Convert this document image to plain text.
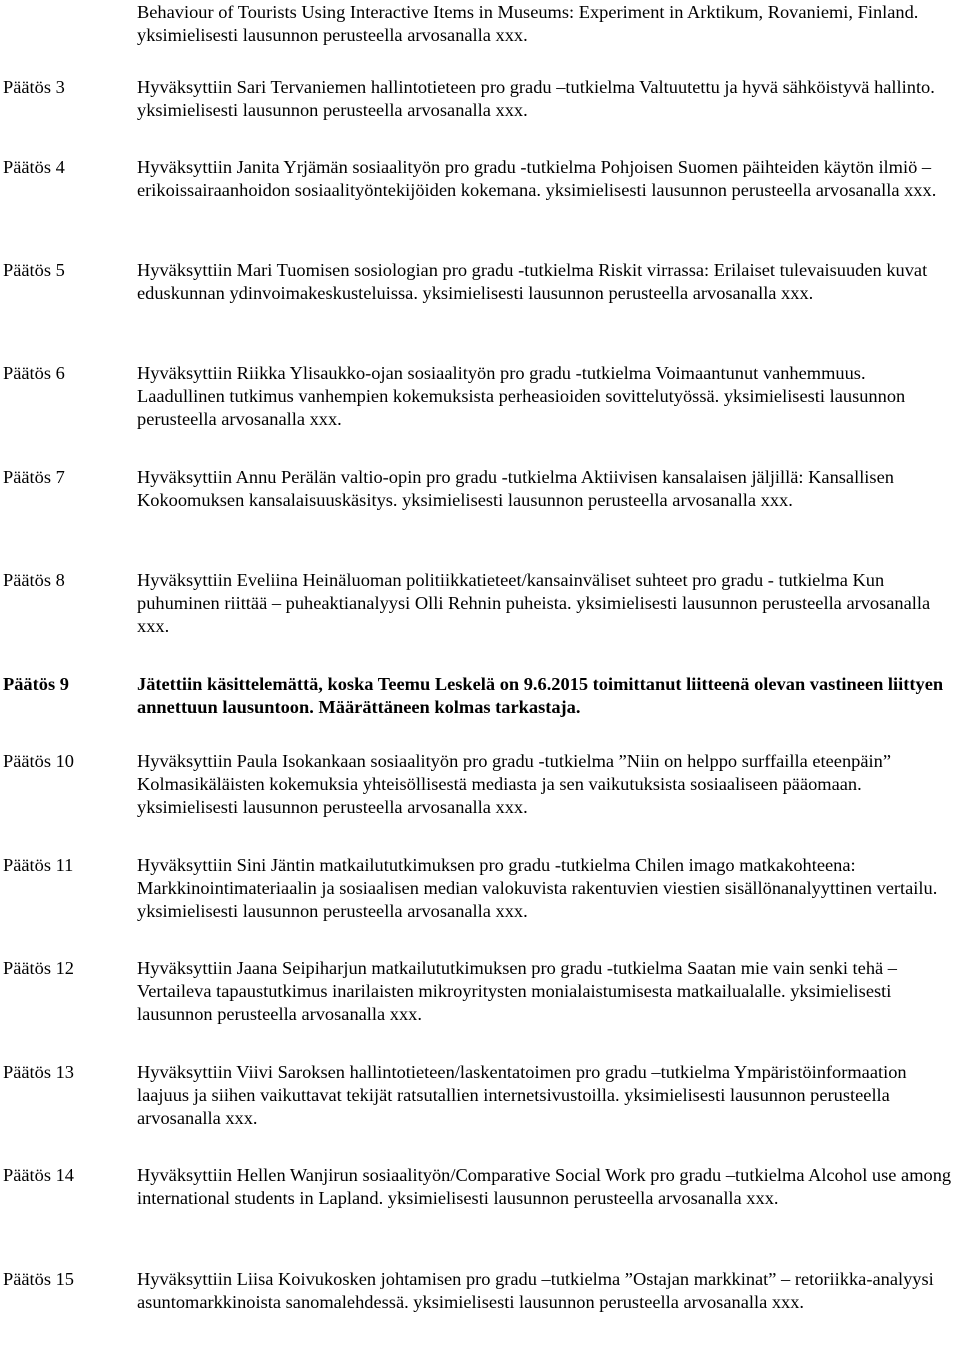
Behaviour of Tourists Using Interactive Items in Museums: Experiment in Arktikum, Rovaniemi, Finland. yksimielisesti lausunnon perusteella arvosanalla xxx.

Päätös 3	Hyväksyttiin Sari Tervaniemen hallintotieteen pro gradu –tutkielma Valtuutettu ja hyvä sähköistyvä hallinto. yksimielisesti lausunnon perusteella arvosanalla xxx.

Päätös 4	Hyväksyttiin Janita Yrjämän sosiaalityön pro gradu -tutkielma Pohjoisen Suomen päihteiden käytön ilmiö – erikoissairaanhoidon sosiaalityöntekijöiden kokemana. yksimielisesti lausunnon perusteella arvosanalla xxx.

Päätös 5	Hyväksyttiin Mari Tuomisen sosiologian pro gradu -tutkielma Riskit virrassa: Erilaiset tulevaisuuden kuvat eduskunnan ydinvoimakeskusteluissa. yksimielisesti lausunnon perusteella arvosanalla xxx.

Päätös 6	Hyväksyttiin Riikka Ylisaukko-ojan sosiaalityön pro gradu -tutkielma Voimaantunut vanhemmuus. Laadullinen tutkimus vanhempien kokemuksista perheasioiden sovittelutyössä. yksimielisesti lausunnon perusteella arvosanalla xxx.

Päätös 7	Hyväksyttiin Annu Perälän valtio-opin pro gradu -tutkielma Aktiivisen kansalaisen jäljillä: Kansallisen Kokoomuksen kansalaisuuskäsitys. yksimielisesti lausunnon perusteella arvosanalla xxx.

Päätös 8	Hyväksyttiin Eveliina Heinäluoman politiikkatieteet/kansainväliset suhteet pro gradu - tutkielma Kun puhuminen riittää – puheaktianalyysi Olli Rehnin puheista. yksimielisesti lausunnon perusteella arvosanalla xxx.

Päätös 9	Jätettiin käsittelemättä, koska Teemu Leskelä on 9.6.2015 toimittanut liitteenä olevan vastineen liittyen annettuun lausuntoon. Määrättäneen kolmas tarkastaja.

Päätös 10	Hyväksyttiin Paula Isokankaan sosiaalityön pro gradu -tutkielma ”Niin on helppo surffailla eteenpäin” Kolmasikäläisten kokemuksia yhteisöllisestä mediasta ja sen vaikutuksista sosiaaliseen pääomaan. yksimielisesti lausunnon perusteella arvosanalla xxx.

Päätös 11	Hyväksyttiin Sini Jäntin matkailututkimuksen pro gradu -tutkielma Chilen imago matkakohteena: Markkinointimateriaalin ja sosiaalisen median valokuvista rakentuvien viestien sisällönanalyyttinen vertailu. yksimielisesti lausunnon perusteella arvosanalla xxx.

Päätös 12	Hyväksyttiin Jaana Seipiharjun matkailututkimuksen pro gradu -tutkielma Saatan mie vain senki tehä – Vertaileva tapaustutkimus inarilaisten mikroyritysten monialaistumisesta matkailualalle. yksimielisesti lausunnon perusteella arvosanalla xxx.

Päätös 13	Hyväksyttiin Viivi Saroksen hallintotieteen/laskentatoimen pro gradu –tutkielma Ympäristöinformaation laajuus ja siihen vaikuttavat tekijät ratsutallien internetsivustoilla. yksimielisesti lausunnon perusteella arvosanalla xxx.

Päätös 14	Hyväksyttiin Hellen Wanjirun sosiaalityön/Comparative Social Work pro gradu –tutkielma Alcohol use among international students in Lapland. yksimielisesti lausunnon perusteella arvosanalla xxx.

Päätös 15	Hyväksyttiin Liisa Koivukosken johtamisen pro gradu –tutkielma ”Ostajan markkinat” – retoriikka-analyysi asuntomarkkinoista sanomalehdessä. yksimielisesti lausunnon perusteella arvosanalla xxx.
